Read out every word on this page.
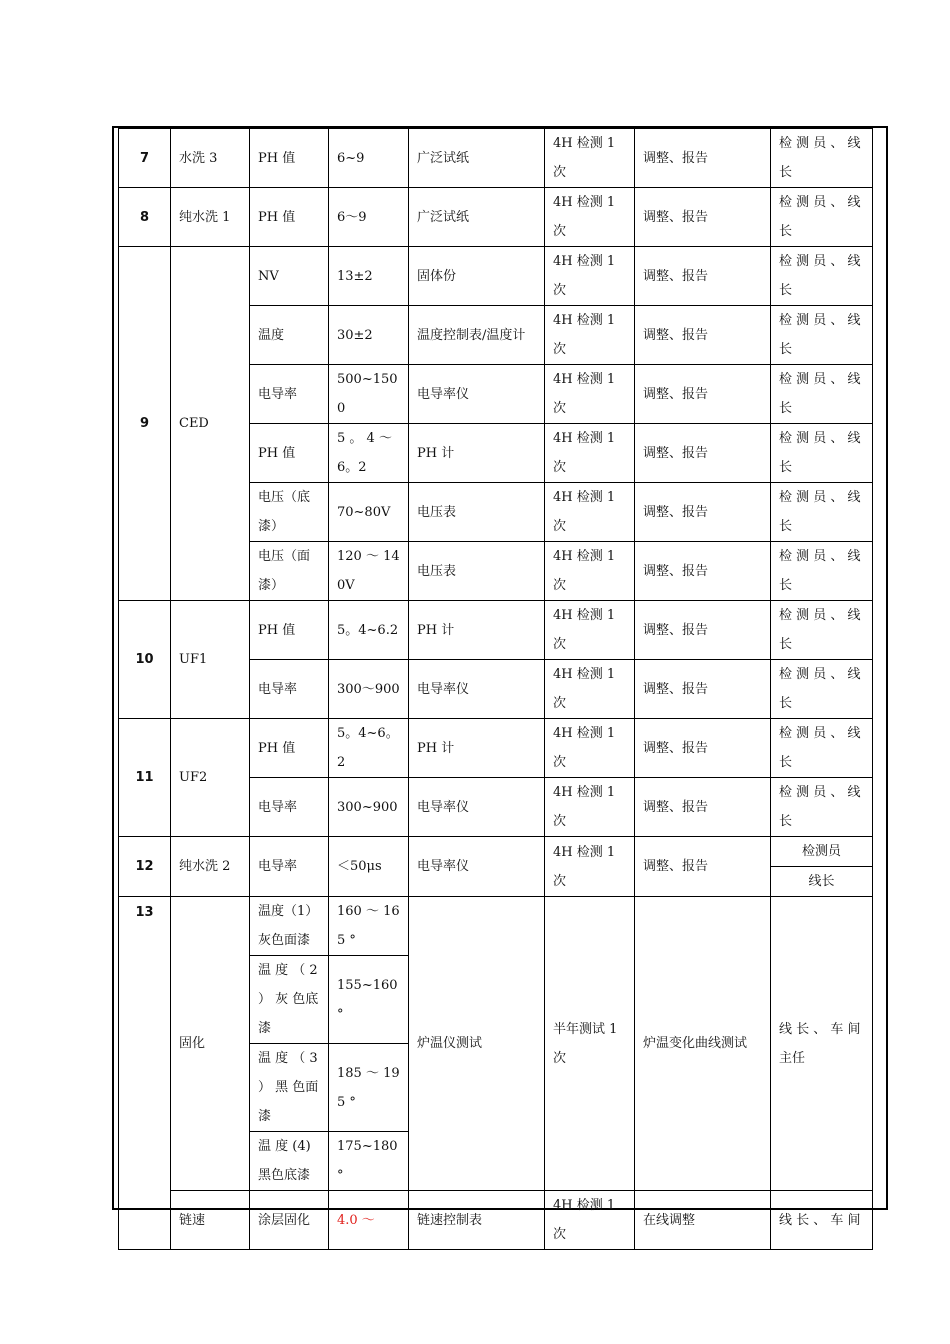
7	水洗 3	PH 值	6~9	广泛试纸	4H 检测 1 次	调整、报告	检 测 员 、 线 长
8	纯水洗 1	PH 值	6～9	广泛试纸	4H 检测 1 次	调整、报告	检 测 员 、 线 长
9	CED	NV	13±2	固体份	4H 检测 1 次	调整、报告	检 测 员 、 线 长
		温度	30±2	温度控制表/温度计	4H 检测 1 次	调整、报告	检 测 员 、 线 长
		电导率	500~1500	电导率仪	4H 检测 1 次	调整、报告	检 测 员 、 线 长
		PH 值	5 。 4 ～ 6。2	PH 计	4H 检测 1 次	调整、报告	检 测 员 、 线 长
		电压（底漆）	70~80V	电压表	4H 检测 1 次	调整、报告	检 测 员 、 线 长
		电压（面漆）	120 ～ 140V	电压表	4H 检测 1 次	调整、报告	检 测 员 、 线 长
10	UF1	PH 值	5。4~6.2	PH 计	4H 检测 1 次	调整、报告	检 测 员 、 线 长
		电导率	300～900	电导率仪	4H 检测 1 次	调整、报告	检 测 员 、 线 长
11	UF2	PH 值	5。4~6。2	PH 计	4H 检测 1 次	调整、报告	检 测 员 、 线 长
		电导率	300~900	电导率仪	4H 检测 1 次	调整、报告	检 测 员 、 线 长
12	纯水洗 2	电导率	＜50μs	电导率仪	4H 检测 1 次	调整、报告	检测员
							线长
13	固化	温度（1）灰色面漆	160 ～ 165 °	炉温仪测试	半年测试 1 次	炉温变化曲线测试	线 长 、 车 间 主任
		温 度 （ 2 ） 灰 色底漆	155~160 °				
		温 度 （ 3 ） 黑 色面漆	185 ～ 195 °				
		温 度 (4) 黑色底漆	175~180 °				
	链速	涂层固化	4.0 ～	链速控制表	4H 检测 1 次	在线调整	线 长 、 车 间
